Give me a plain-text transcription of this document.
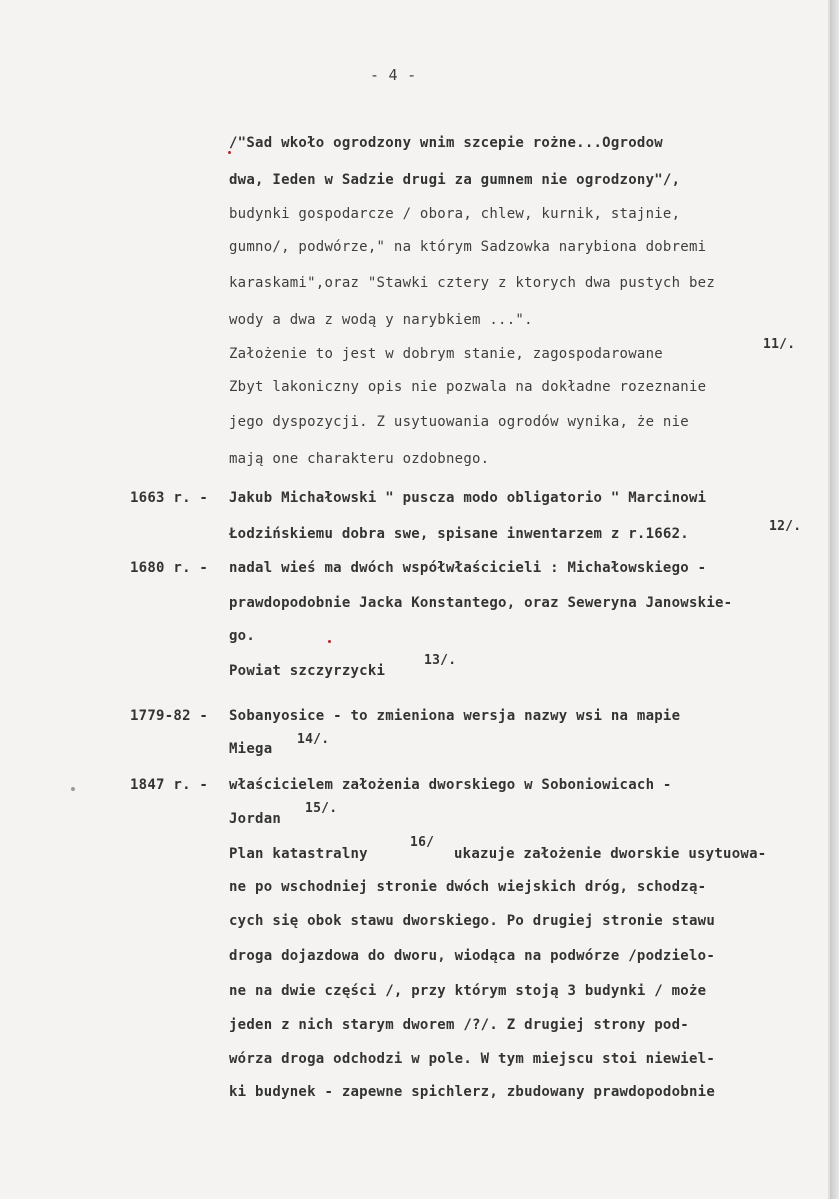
- 4 -
/"Sad wkoło ogrodzony wnim szcepie rożne...Ogrodow
dwa, Ieden w Sadzie drugi za gumnem nie ogrodzony"/,
budynki gospodarcze / obora, chlew, kurnik, stajnie,
gumno/, podwórze," na którym Sadzowka narybiona dobremi
karaskami",oraz "Stawki cztery z ktorych dwa pustych bez
wody a dwa z wodą y narybkiem ...".
Założenie to jest w dobrym stanie, zagospodarowane
11/.
Zbyt lakoniczny opis nie pozwala na dokładne rozeznanie
jego dyspozycji. Z usytuowania ogrodów wynika, że nie
mają one charakteru ozdobnego.
1663 r. - Jakub Michałowski " puscza modo obligatorio " Marcinowi
Łodzińskiemu dobra swe, spisane inwentarzem z r.1662.	12/.
1680 r. - nadal wieś ma dwóch współwłaścicieli : Michałowskiego -
prawdopodobnie Jacka Konstantego, oraz Seweryna Janowskie-
go.
Powiat szczyrzycki
13/.
1779-82 - Sobanyosice - to zmieniona wersja nazwy wsi na mapie
Miega
14/.
1847 r. - właścicielem założenia dworskiego w Soboniowicach -
Jordan
15/.
Plan katastralny
16/
ukazuje założenie dworskie usytuowa-
ne po wschodniej stronie dwóch wiejskich dróg, schodzą-
cych się obok stawu dworskiego. Po drugiej stronie stawu
droga dojazdowa do dworu, wiodąca na podwórze /podzielo-
ne na dwie części /, przy którym stoją 3 budynki / może
jeden z nich starym dworem /?/. Z drugiej strony pod-
wórza droga odchodzi w pole. W tym miejscu stoi niewiel-
ki budynek - zapewne spichlerz, zbudowany prawdopodobnie
